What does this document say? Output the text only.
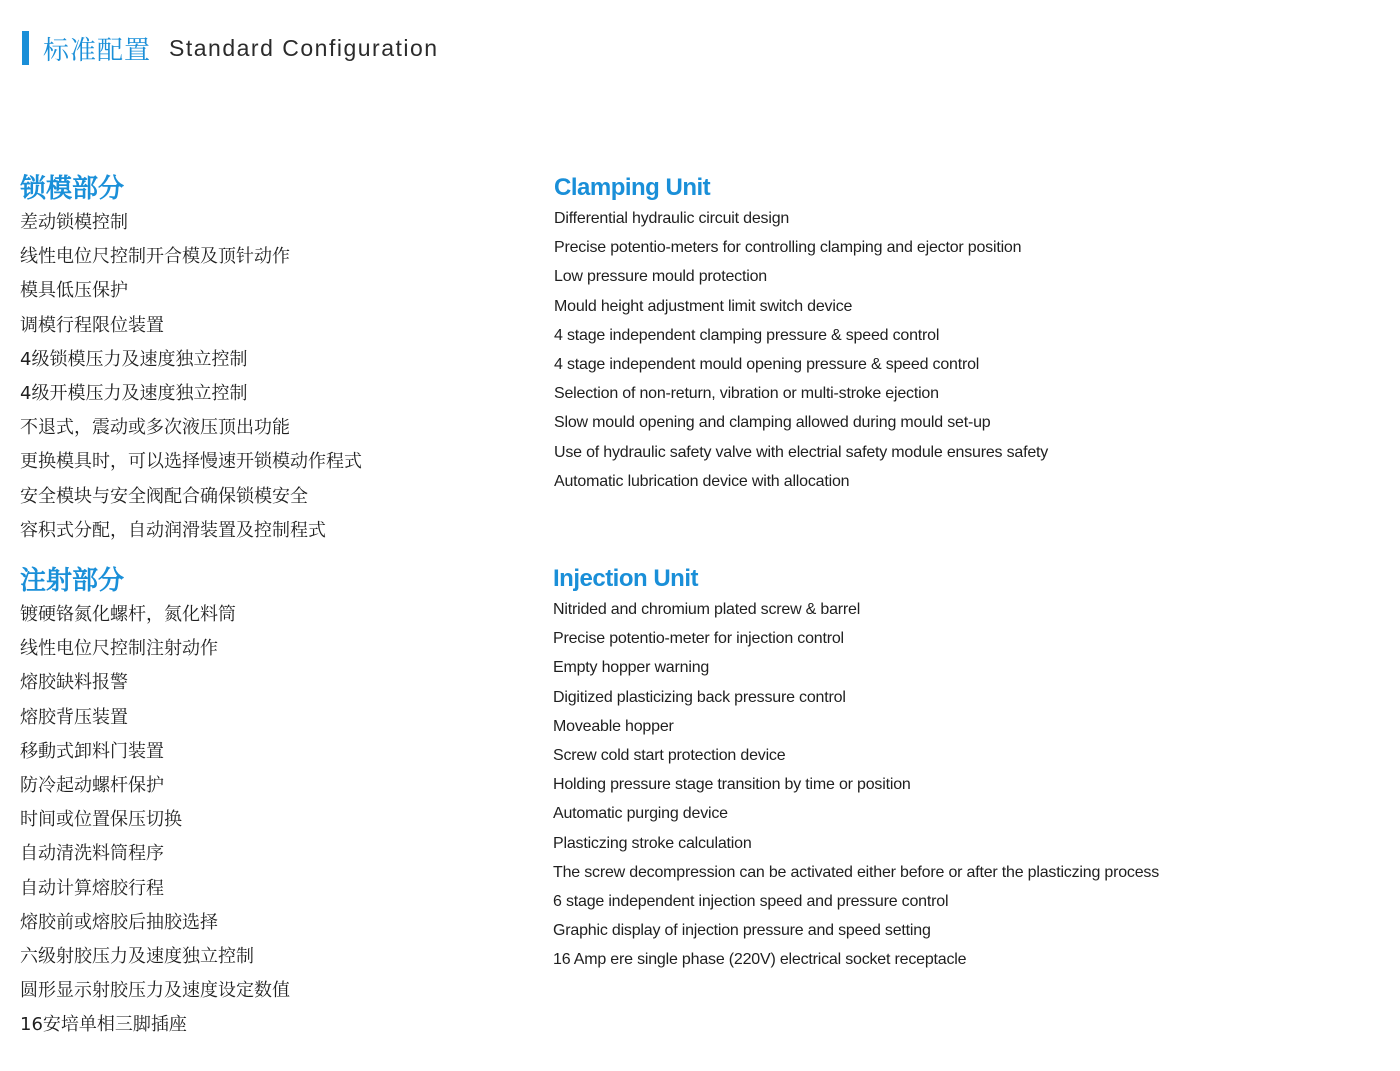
标准配置 Standard Configuration
锁模部分
差动锁模控制
线性电位尺控制开合模及顶针动作
模具低压保护
调模行程限位装置
4级锁模压力及速度独立控制
4级开模压力及速度独立控制
不退式，震动或多次液压顶出功能
更换模具时，可以选择慢速开锁模动作程式
安全模块与安全阀配合确保锁模安全
容积式分配，自动润滑装置及控制程式
注射部分
镀硬铬氮化螺杆，氮化料筒
线性电位尺控制注射动作
熔胶缺料报警
熔胶背压装置
移動式卸料门装置
防冷起动螺杆保护
时间或位置保压切换
自动清洗料筒程序
自动计算熔胶行程
熔胶前或熔胶后抽胶选择
六级射胶压力及速度独立控制
圆形显示射胶压力及速度设定数值
16安培单相三脚插座
Clamping Unit
Differential hydraulic circuit design
Precise potentio-meters for controlling clamping and ejector position
Low pressure mould protection
Mould height adjustment limit switch device
4 stage independent clamping pressure & speed control
4 stage independent mould opening pressure & speed control
Selection of non-return, vibration or multi-stroke ejection
Slow mould opening and clamping allowed during mould set-up
Use of hydraulic safety valve with electrial safety module ensures safety
Automatic lubrication device with allocation
Injection Unit
Nitrided and chromium plated screw & barrel
Precise potentio-meter for injection control
Empty hopper warning
Digitized plasticizing back pressure control
Moveable hopper
Screw cold start protection device
Holding pressure stage transition by time or position
Automatic purging device
Plasticzing stroke calculation
The screw decompression can be activated either before or after the plasticzing process
6 stage independent injection speed and pressure control
Graphic display of injection pressure and speed setting
16 Amp ere single phase (220V) electrical socket receptacle
